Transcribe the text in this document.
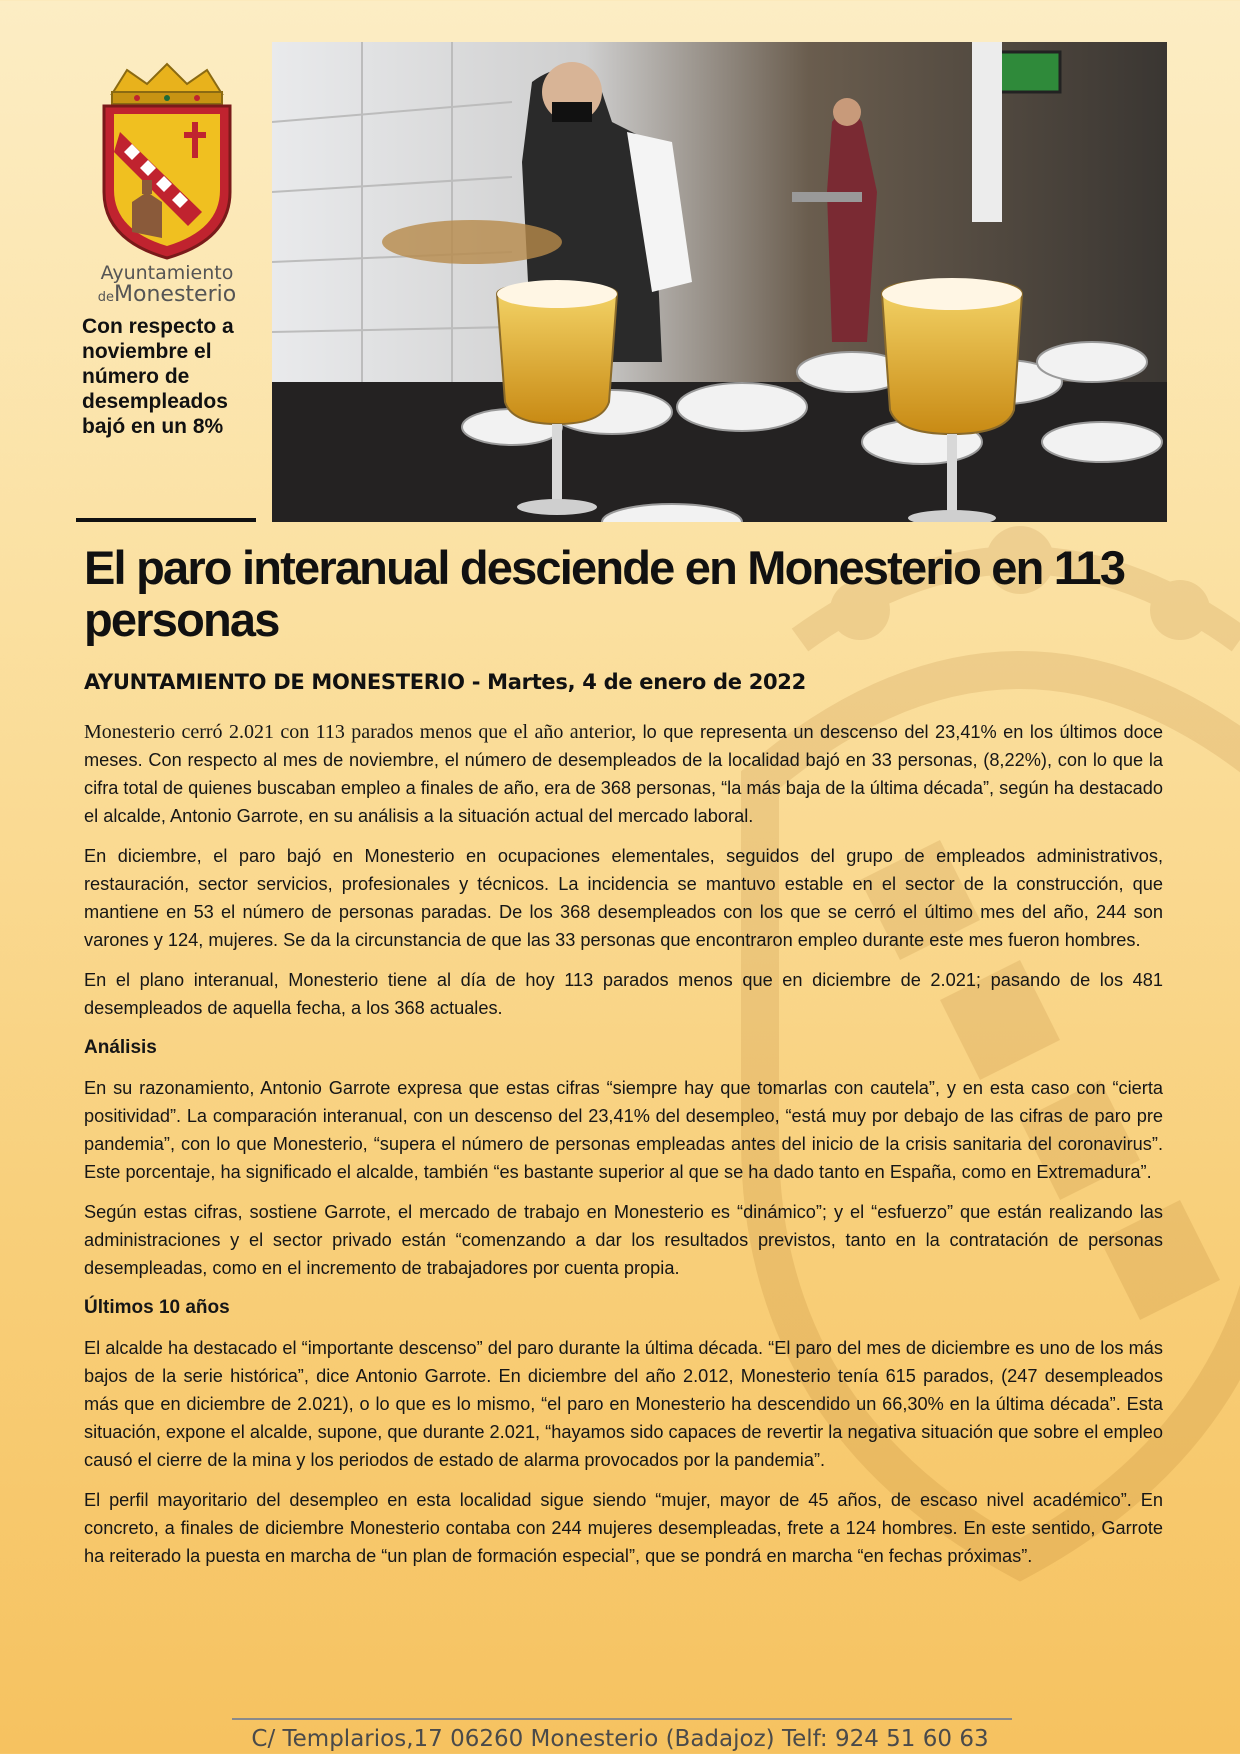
Ayuntamiento
deMonesterio
Con respecto a noviembre el número de desempleados bajó en un 8%
El paro interanual desciende en Monesterio en 113 personas
AYUNTAMIENTO DE MONESTERIO - Martes, 4 de enero de 2022

Monesterio cerró 2.021 con 113 parados menos que el año anterior, lo que representa un descenso del 23,41% en los últimos doce meses. Con respecto al mes de noviembre, el número de desempleados de la localidad bajó en 33 personas, (8,22%), con lo que la cifra total de quienes buscaban empleo a finales de año, era de 368 personas, “la más baja de la última década”, según ha destacado el alcalde, Antonio Garrote, en su análisis a la situación actual del mercado laboral.

En diciembre, el paro bajó en Monesterio en ocupaciones elementales, seguidos del grupo de empleados administrativos, restauración, sector servicios, profesionales y técnicos. La incidencia se mantuvo estable en el sector de la construcción, que mantiene en 53 el número de personas paradas. De los 368 desempleados con los que se cerró el último mes del año, 244 son varones y 124, mujeres. Se da la circunstancia de que las 33 personas que encontraron empleo durante este mes fueron hombres.

En el plano interanual, Monesterio tiene al día de hoy 113 parados menos que en diciembre de 2.021; pasando de los 481 desempleados de aquella fecha, a los 368 actuales.

Análisis

En su razonamiento, Antonio Garrote expresa que estas cifras “siempre hay que tomarlas con cautela”, y en esta caso con “cierta positividad”. La comparación interanual, con un descenso del 23,41% del desempleo, “está muy por debajo de las cifras de paro pre pandemia”, con lo que Monesterio, “supera el número de personas empleadas antes del inicio de la crisis sanitaria del coronavirus”. Este porcentaje, ha significado el alcalde, también “es bastante superior al que se ha dado tanto en España, como en Extremadura”.

Según estas cifras, sostiene Garrote, el mercado de trabajo en Monesterio es “dinámico”; y el “esfuerzo” que están realizando las administraciones y el sector privado están “comenzando a dar los resultados previstos, tanto en la contratación de personas desempleadas, como en el incremento de trabajadores por cuenta propia.

Últimos 10 años

El alcalde ha destacado el “importante descenso” del paro durante la última década. “El paro del mes de diciembre es uno de los más bajos de la serie histórica”, dice Antonio Garrote. En diciembre del año 2.012, Monesterio tenía 615 parados, (247 desempleados más que en diciembre de 2.021), o lo que es lo mismo, “el paro en Monesterio ha descendido un 66,30% en la última década”. Esta situación, expone el alcalde, supone, que durante 2.021, “hayamos sido capaces de revertir la negativa situación que sobre el empleo causó el cierre de la mina y los periodos de estado de alarma provocados por la pandemia”.

El perfil mayoritario del desempleo en esta localidad sigue siendo “mujer, mayor de 45 años, de escaso nivel académico”. En concreto, a finales de diciembre Monesterio contaba con 244 mujeres desempleadas, frete a 124 hombres. En este sentido, Garrote ha reiterado la puesta en marcha de “un plan de formación especial”, que se pondrá en marcha “en fechas próximas”.

C/ Templarios,17 06260 Monesterio (Badajoz) Telf: 924 51 60 63
